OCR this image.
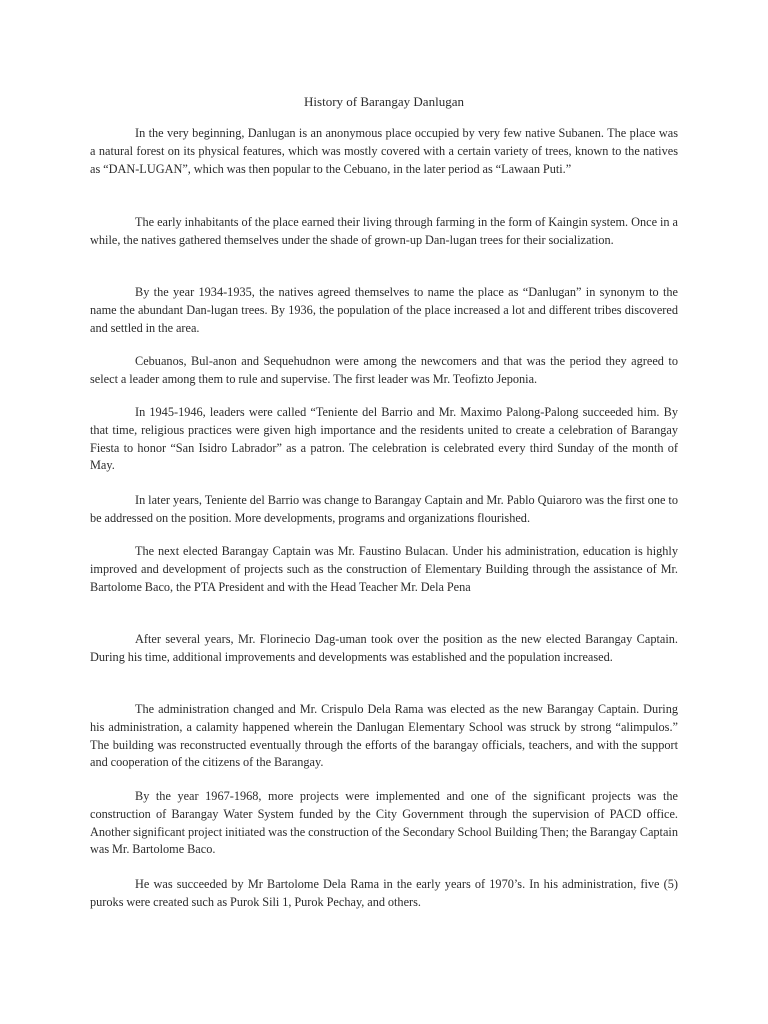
History of Barangay Danlugan

In the very beginning, Danlugan is an anonymous place occupied by very few native Subanen. The place was a natural forest on its physical features, which was mostly covered with a certain variety of trees, known to the natives as “DAN-LUGAN”, which was then popular to the Cebuano, in the later period as “Lawaan Puti.”

The early inhabitants of the place earned their living through farming in the form of Kaingin system. Once in a while, the natives gathered themselves under the shade of grown-up Dan-lugan trees for their socialization.

By the year 1934-1935, the natives agreed themselves to name the place as “Danlugan” in synonym to the name the abundant Dan-lugan trees. By 1936, the population of the place increased a lot and different tribes discovered and settled in the area.

Cebuanos, Bul-anon and Sequehudnon were among the newcomers and that was the period they agreed to select a leader among them to rule and supervise. The first leader was Mr. Teofizto Jeponia.

In 1945-1946, leaders were called “Teniente del Barrio and Mr. Maximo Palong-Palong succeeded him. By that time, religious practices were given high importance and the residents united to create a celebration of Barangay Fiesta to honor “San Isidro Labrador” as a patron. The celebration is celebrated every third Sunday of the month of May.

In later years, Teniente del Barrio was change to Barangay Captain and Mr. Pablo Quiaroro was the first one to be addressed on the position. More developments, programs and organizations flourished.

The next elected Barangay Captain was Mr. Faustino Bulacan. Under his administration, education is highly improved and development of projects such as the construction of Elementary Building through the assistance of Mr. Bartolome Baco, the PTA President and with the Head Teacher Mr. Dela Pena

After several years, Mr. Florinecio Dag-uman took over the position as the new elected Barangay Captain. During his time, additional improvements and developments was established and the population increased.

The administration changed and Mr. Crispulo Dela Rama was elected as the new Barangay Captain. During his administration, a calamity happened wherein the Danlugan Elementary School was struck by strong “alimpulos.” The building was reconstructed eventually through the efforts of the barangay officials, teachers, and with the support and cooperation of the citizens of the Barangay.

By the year 1967-1968, more projects were implemented and one of the significant projects was the construction of Barangay Water System funded by the City Government through the supervision of PACD office. Another significant project initiated was the construction of the Secondary School Building Then; the Barangay Captain was Mr. Bartolome Baco.

He was succeeded by Mr Bartolome Dela Rama in the early years of 1970’s. In his administration, five (5) puroks were created such as Purok Sili 1, Purok Pechay, and others.
